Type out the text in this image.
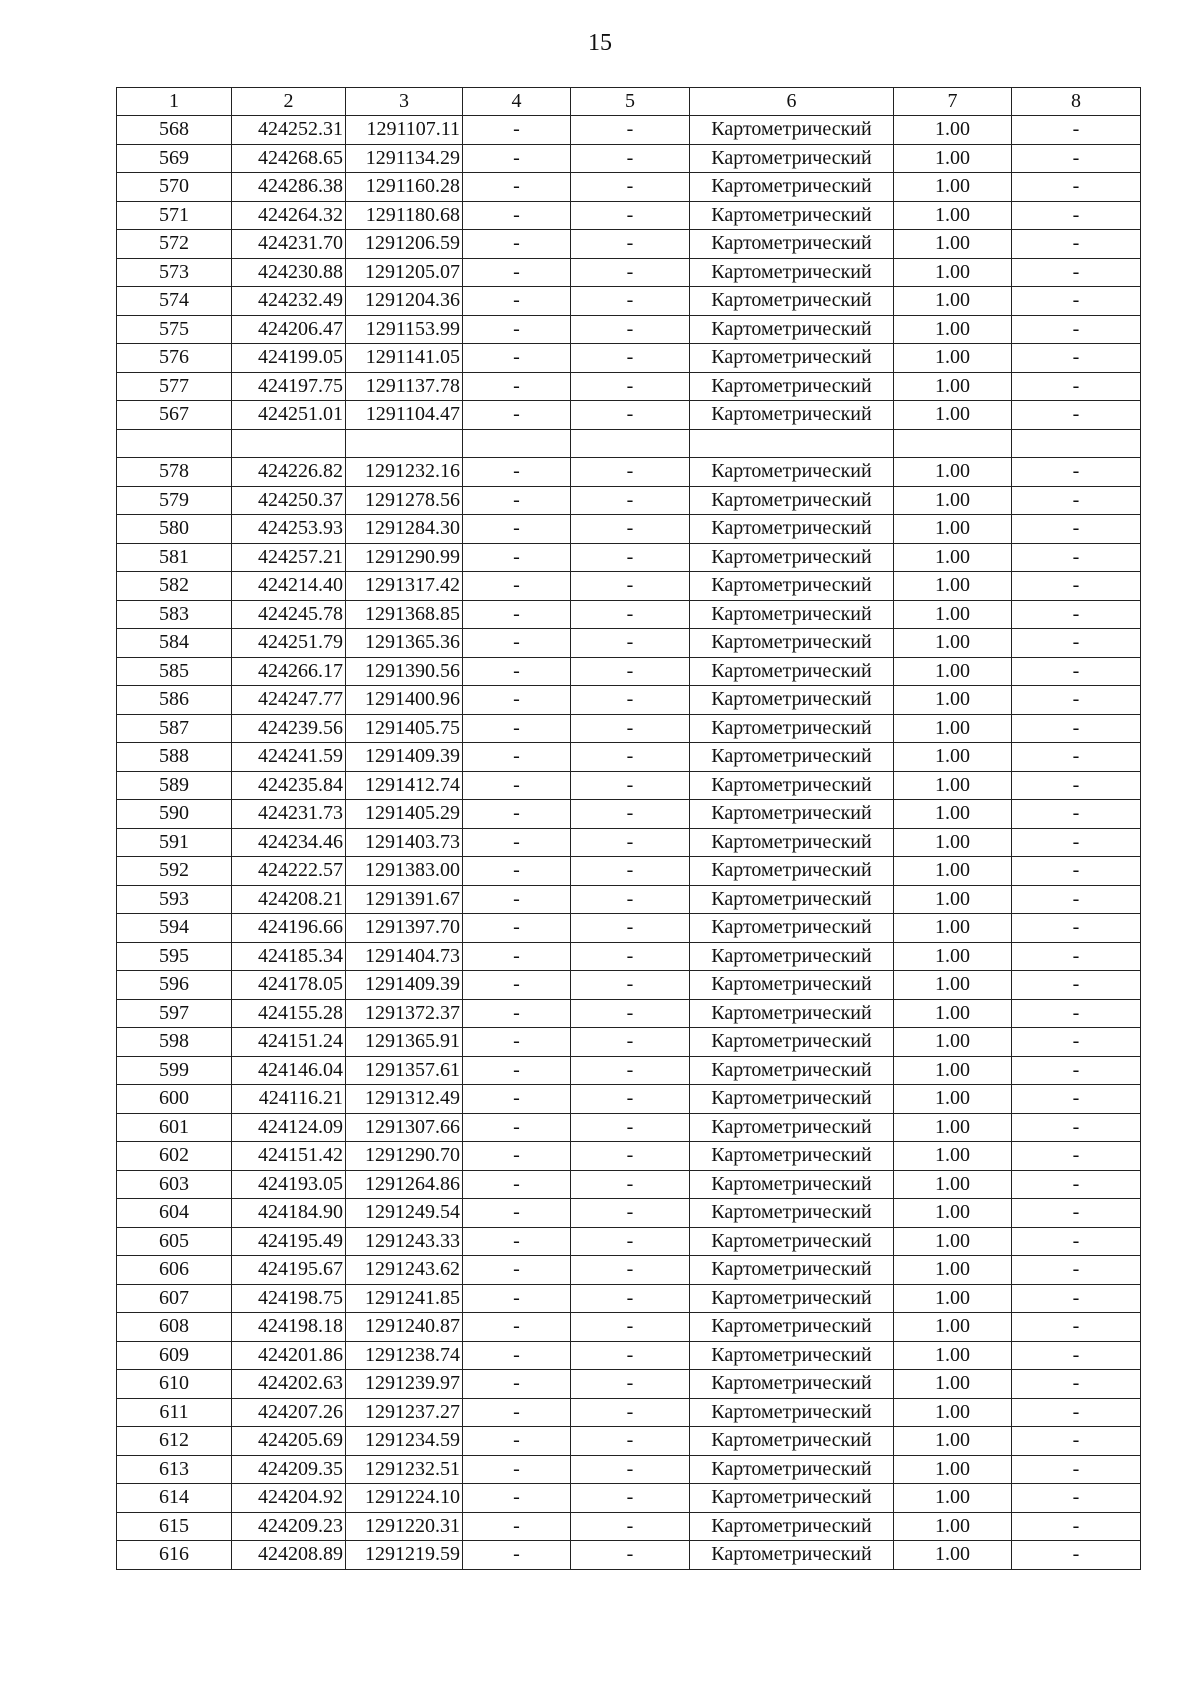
15
1	2	3	4	5	6	7	8
568	424252.31	1291107.11	-	-	Картометрический	1.00	-
569	424268.65	1291134.29	-	-	Картометрический	1.00	-
570	424286.38	1291160.28	-	-	Картометрический	1.00	-
571	424264.32	1291180.68	-	-	Картометрический	1.00	-
572	424231.70	1291206.59	-	-	Картометрический	1.00	-
573	424230.88	1291205.07	-	-	Картометрический	1.00	-
574	424232.49	1291204.36	-	-	Картометрический	1.00	-
575	424206.47	1291153.99	-	-	Картометрический	1.00	-
576	424199.05	1291141.05	-	-	Картометрический	1.00	-
577	424197.75	1291137.78	-	-	Картометрический	1.00	-
567	424251.01	1291104.47	-	-	Картометрический	1.00	-

578	424226.82	1291232.16	-	-	Картометрический	1.00	-
579	424250.37	1291278.56	-	-	Картометрический	1.00	-
580	424253.93	1291284.30	-	-	Картометрический	1.00	-
581	424257.21	1291290.99	-	-	Картометрический	1.00	-
582	424214.40	1291317.42	-	-	Картометрический	1.00	-
583	424245.78	1291368.85	-	-	Картометрический	1.00	-
584	424251.79	1291365.36	-	-	Картометрический	1.00	-
585	424266.17	1291390.56	-	-	Картометрический	1.00	-
586	424247.77	1291400.96	-	-	Картометрический	1.00	-
587	424239.56	1291405.75	-	-	Картометрический	1.00	-
588	424241.59	1291409.39	-	-	Картометрический	1.00	-
589	424235.84	1291412.74	-	-	Картометрический	1.00	-
590	424231.73	1291405.29	-	-	Картометрический	1.00	-
591	424234.46	1291403.73	-	-	Картометрический	1.00	-
592	424222.57	1291383.00	-	-	Картометрический	1.00	-
593	424208.21	1291391.67	-	-	Картометрический	1.00	-
594	424196.66	1291397.70	-	-	Картометрический	1.00	-
595	424185.34	1291404.73	-	-	Картометрический	1.00	-
596	424178.05	1291409.39	-	-	Картометрический	1.00	-
597	424155.28	1291372.37	-	-	Картометрический	1.00	-
598	424151.24	1291365.91	-	-	Картометрический	1.00	-
599	424146.04	1291357.61	-	-	Картометрический	1.00	-
600	424116.21	1291312.49	-	-	Картометрический	1.00	-
601	424124.09	1291307.66	-	-	Картометрический	1.00	-
602	424151.42	1291290.70	-	-	Картометрический	1.00	-
603	424193.05	1291264.86	-	-	Картометрический	1.00	-
604	424184.90	1291249.54	-	-	Картометрический	1.00	-
605	424195.49	1291243.33	-	-	Картометрический	1.00	-
606	424195.67	1291243.62	-	-	Картометрический	1.00	-
607	424198.75	1291241.85	-	-	Картометрический	1.00	-
608	424198.18	1291240.87	-	-	Картометрический	1.00	-
609	424201.86	1291238.74	-	-	Картометрический	1.00	-
610	424202.63	1291239.97	-	-	Картометрический	1.00	-
611	424207.26	1291237.27	-	-	Картометрический	1.00	-
612	424205.69	1291234.59	-	-	Картометрический	1.00	-
613	424209.35	1291232.51	-	-	Картометрический	1.00	-
614	424204.92	1291224.10	-	-	Картометрический	1.00	-
615	424209.23	1291220.31	-	-	Картометрический	1.00	-
616	424208.89	1291219.59	-	-	Картометрический	1.00	-
